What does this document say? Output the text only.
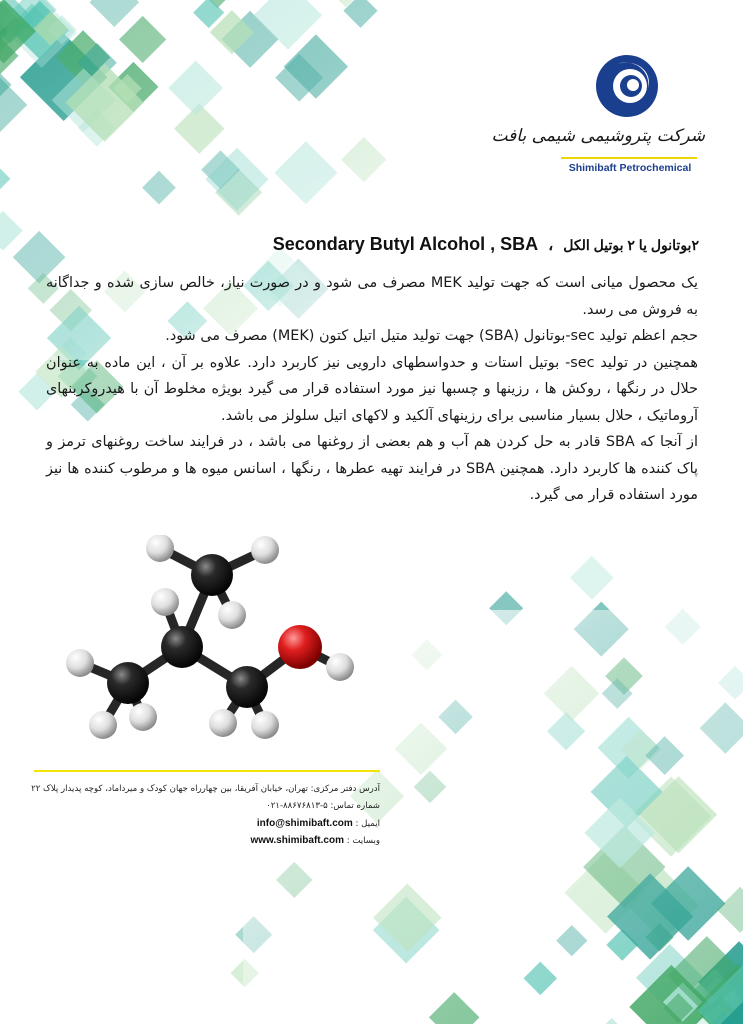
شرکت پتروشیمی شیمی بافت
Shimibaft Petrochemical
۲بوتانول یا ۲ بوتیل الکل،Secondary Butyl Alcohol , SBA

یک محصول میانی است که جهت تولید MEK مصرف می شود و در صورت نیاز، خالص سازی شده و جداگانه به فروش می رسد.

حجم اعظم تولید sec-بوتانول (SBA) جهت تولید متیل اتیل کتون (MEK) مصرف می شود.

همچنین در تولید sec- بوتیل استات و حدواسطهای دارویی نیز کاربرد دارد. علاوه بر آن ، این ماده به عنوان حلال در رنگها ، روکش ها ، رزینها و چسبها نیز مورد استفاده قرار می گیرد بویژه مخلوط آن با هیدروکربنهای آروماتیک ، حلال بسیار مناسبی برای رزینهای آلکید و لاکهای اتیل سلولز می باشد.

از آنجا که SBA قادر به حل کردن هم آب و هم بعضی از روغنها می باشد ، در فرایند ساخت روغنهای ترمز و پاک کننده ها کاربرد دارد. همچنین SBA در فرایند تهیه عطرها ، رنگها ، اسانس میوه ها و مرطوب کننده ها نیز مورد استفاده قرار می گیرد.

آدرس دفتر مرکزی: تهران، خیابان آفریقا، بین چهارراه جهان کودک و میرداماد، کوچه پدیدار پلاک ۲۲
شماره تماس: ۵-۸۸۶۷۶۸۱۳-۰۲۱
ایمیل : info@shimibaft.com
وبسایت : www.shimibaft.com
